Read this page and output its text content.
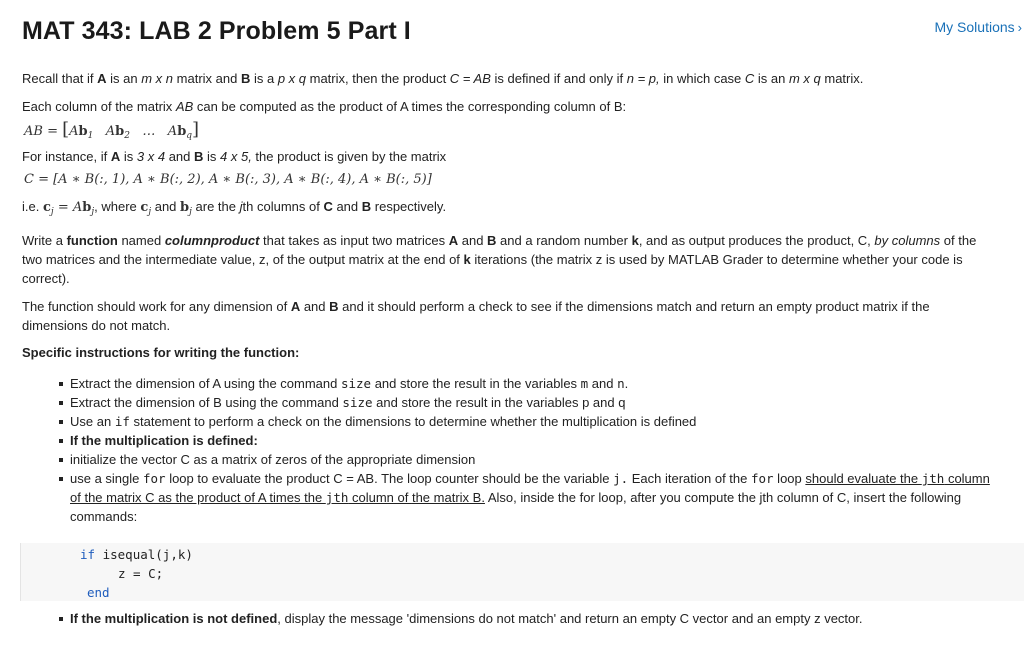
MAT 343: LAB 2 Problem 5 Part I	My Solutions ›

Recall that if A is an m x n matrix and B is a p x q matrix, then the product C = AB is defined if and only if n = p, in which case C is an m x q matrix.

Each column of the matrix AB can be computed as the product of A times the corresponding column of B:

AB = [$Ab_1$ $Ab_2$ … $Ab_q$]

For instance, if A is 3 x 4 and B is 4 x 5, the product is given by the matrix

C = [A ∗ B(:, 1), A ∗ B(:, 2), A ∗ B(:, 3), A ∗ B(:, 4), A ∗ B(:, 5)]

i.e. $c_j = Ab_j$, where $c_j$ and $b_j$ are the jth columns of C and B respectively.

Write a function named columnproduct that takes as input two matrices A and B and a random number k, and as output produces the product, C, by columns of the two matrices and the intermediate value, z, of the output matrix at the end of k iterations (the matrix z is used by MATLAB Grader to determine whether your code is correct).

The function should work for any dimension of A and B and it should perform a check to see if the dimensions match and return an empty product matrix if the dimensions do not match.

Specific instructions for writing the function:

Extract the dimension of A using the command size and store the result in the variables m and n.
Extract the dimension of B using the command size and store the result in the variables p and q
Use an if statement to perform a check on the dimensions to determine whether the multiplication is defined
If the multiplication is defined:
initialize the vector C as a matrix of zeros of the appropriate dimension
use a single for loop to evaluate the product C = AB. The loop counter should be the variable j. Each iteration of the for loop should evaluate the jth column of the matrix C as the product of A times the jth column of the matrix B. Also, inside the for loop, after you compute the jth column of C, insert the following commands:
if isequal(j,k)
z = C;
end
If the multiplication is not defined, display the message 'dimensions do not match' and return an empty C vector and an empty z vector.
